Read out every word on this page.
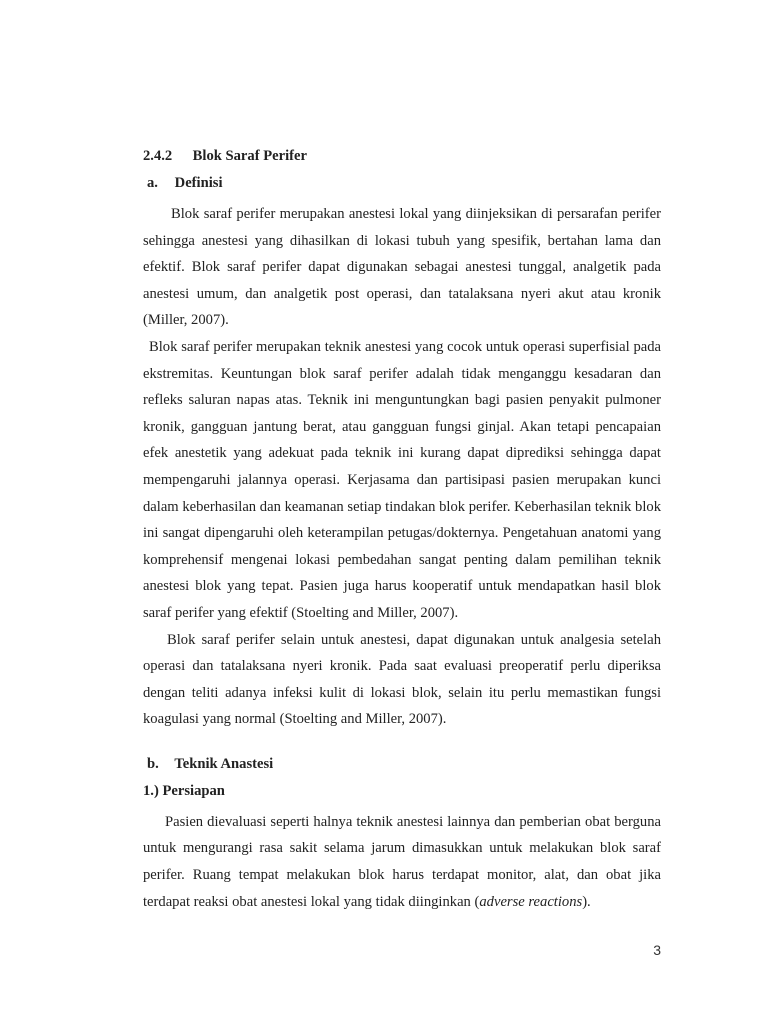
2.4.2 Blok Saraf Perifer
a. Definisi

Blok saraf perifer merupakan anestesi lokal yang diinjeksikan di persarafan perifer sehingga anestesi yang dihasilkan di lokasi tubuh yang spesifik, bertahan lama dan efektif. Blok saraf perifer dapat digunakan sebagai anestesi tunggal, analgetik pada anestesi umum, dan analgetik post operasi, dan tatalaksana nyeri akut atau kronik (Miller, 2007).

Blok saraf perifer merupakan teknik anestesi yang cocok untuk operasi superfisial pada ekstremitas. Keuntungan blok saraf perifer adalah tidak menganggu kesadaran dan refleks saluran napas atas. Teknik ini menguntungkan bagi pasien penyakit pulmoner kronik, gangguan jantung berat, atau gangguan fungsi ginjal. Akan tetapi pencapaian efek anestetik yang adekuat pada teknik ini kurang dapat diprediksi sehingga dapat mempengaruhi jalannya operasi. Kerjasama dan partisipasi pasien merupakan kunci dalam keberhasilan dan keamanan setiap tindakan blok perifer. Keberhasilan teknik blok ini sangat dipengaruhi oleh keterampilan petugas/dokternya. Pengetahuan anatomi yang komprehensif mengenai lokasi pembedahan sangat penting dalam pemilihan teknik anestesi blok yang tepat. Pasien juga harus kooperatif untuk mendapatkan hasil blok saraf perifer yang efektif (Stoelting and Miller, 2007).

Blok saraf perifer selain untuk anestesi, dapat digunakan untuk analgesia setelah operasi dan tatalaksana nyeri kronik. Pada saat evaluasi preoperatif perlu diperiksa dengan teliti adanya infeksi kulit di lokasi blok, selain itu perlu memastikan fungsi koagulasi yang normal (Stoelting and Miller, 2007).

b. Teknik Anastesi
1.) Persiapan

Pasien dievaluasi seperti halnya teknik anestesi lainnya dan pemberian obat berguna untuk mengurangi rasa sakit selama jarum dimasukkan untuk melakukan blok saraf perifer. Ruang tempat melakukan blok harus terdapat monitor, alat, dan obat jika terdapat reaksi obat anestesi lokal yang tidak diinginkan (adverse reactions).

3
